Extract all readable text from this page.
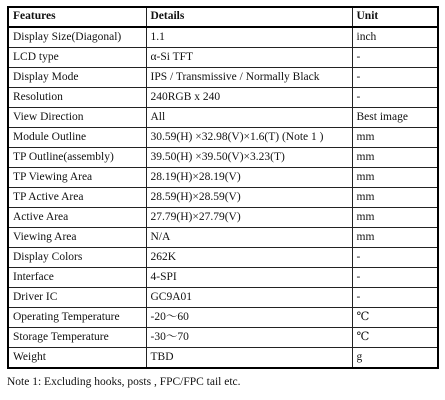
Features	Details	Unit
Display Size(Diagonal)	1.1	inch
LCD type	α-Si TFT	-
Display Mode	IPS / Transmissive / Normally Black	-
Resolution	240RGB x 240	-
View Direction	All	Best image
Module Outline	30.59(H) ×32.98(V)×1.6(T) (Note 1 )	mm
TP Outline(assembly)	39.50(H) ×39.50(V)×3.23(T)	mm
TP Viewing Area	28.19(H)×28.19(V)	mm
TP Active Area	28.59(H)×28.59(V)	mm
Active Area	27.79(H)×27.79(V)	mm
Viewing Area	N/A	mm
Display Colors	262K	-
Interface	4-SPI	-
Driver IC	GC9A01	-
Operating Temperature	-20～60	℃
Storage Temperature	-30～70	℃
Weight	TBD	g
Note 1: Excluding hooks, posts , FPC/FPC tail etc.
